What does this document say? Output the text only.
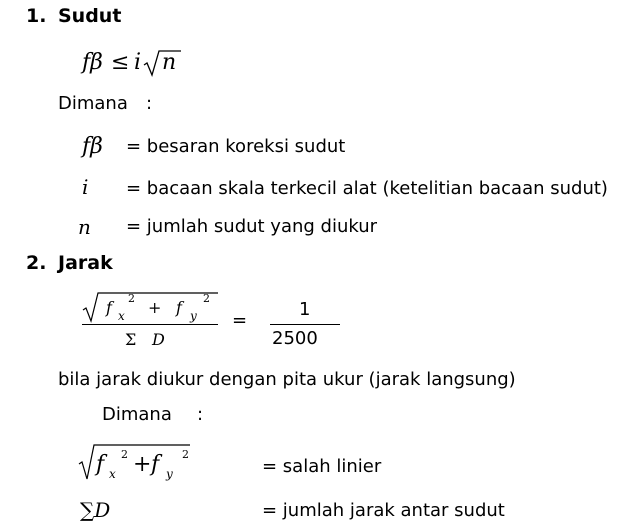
1. Sudut
fβ ≤ i n
Dimana :
fβ = besaran koreksi sudut
i = bacaan skala terkecil alat (ketelitian bacaan sudut)
n = jumlah sudut yang diukur
2. Jarak
f 2
x + f 2
y
Σ D
=
1
2500
bila jarak diukur dengan pita ukur (jarak langsung)
Dimana :
f 2
x + f 2
y	= salah linier
∑D	= jumlah jarak antar sudut
